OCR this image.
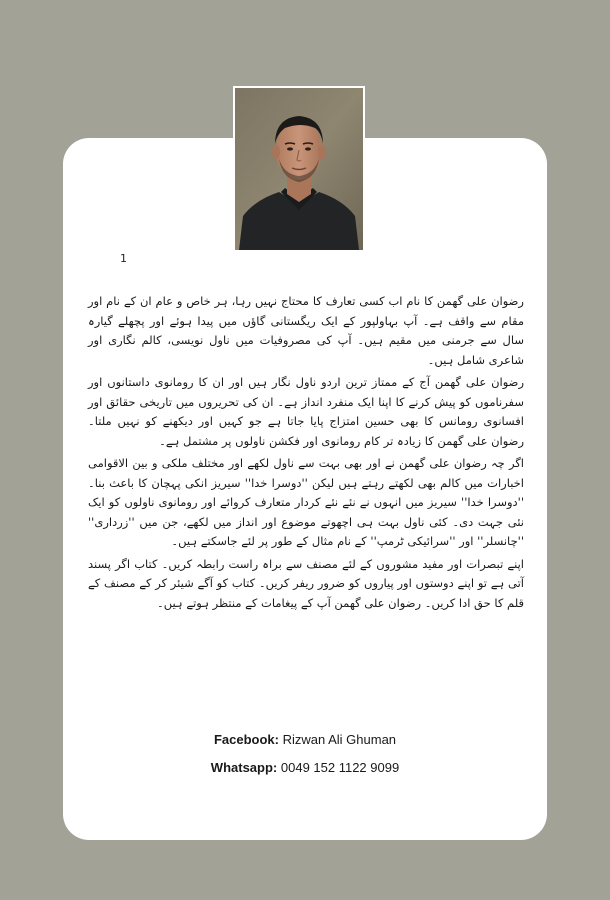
1

رضوان علی گھمن کا نام اب کسی تعارف کا محتاج نہیں رہا، ہر خاص و عام ان کے نام اور مقام سے واقف ہے۔ آپ بہاولپور کے ایک ریگستانی گاؤں میں پیدا ہوئے اور پچھلے گیارہ سال سے جرمنی میں مقیم ہیں۔ آپ کی مصروفیات میں ناول نویسی، کالم نگاری اور شاعری شامل ہیں۔

رضوان علی گھمن آج کے ممتاز ترین اردو ناول نگار ہیں اور ان کا رومانوی داستانوں اور سفرناموں کو پیش کرنے کا اپنا ایک منفرد انداز ہے۔ ان کی تحریروں میں تاریخی حقائق اور افسانوی رومانس کا بھی حسین امتزاج پایا جاتا ہے جو کہیں اور دیکھنے کو نہیں ملتا۔ رضوان علی گھمن کا زیادہ تر کام رومانوی اور فکشن ناولوں پر مشتمل ہے۔

اگر چہ رضوان علی گھمن نے اور بھی بہت سے ناول لکھے اور مختلف ملکی و بین الاقوامی اخبارات میں کالم بھی لکھتے رہتے ہیں لیکن ''دوسرا خدا'' سیریز انکی پہچان کا باعث بنا۔ ''دوسرا خدا'' سیریز میں انہوں نے نئے نئے کردار متعارف کروائے اور رومانوی ناولوں کو ایک نئی جہت دی۔ کئی ناول بہت ہی اچھوتے موضوع اور انداز میں لکھے، جن میں ''زرداری'' ''چانسلر'' اور ''سرائیکی ٹرمپ'' کے نام مثال کے طور پر لئے جاسکتے ہیں۔

اپنے تبصرات اور مفید مشوروں کے لئے مصنف سے براہ راست رابطہ کریں۔ کتاب اگر پسند آتی ہے تو اپنے دوستوں اور پیاروں کو ضرور ریفر کریں۔ کتاب کو آگے شیئر کر کے مصنف کے قلم کا حق ادا کریں۔ رضوان علی گھمن آپ کے پیغامات کے منتظر ہوتے ہیں۔

Facebook: Rizwan Ali Ghuman
Whatsapp: 0049 152 1122 9099
